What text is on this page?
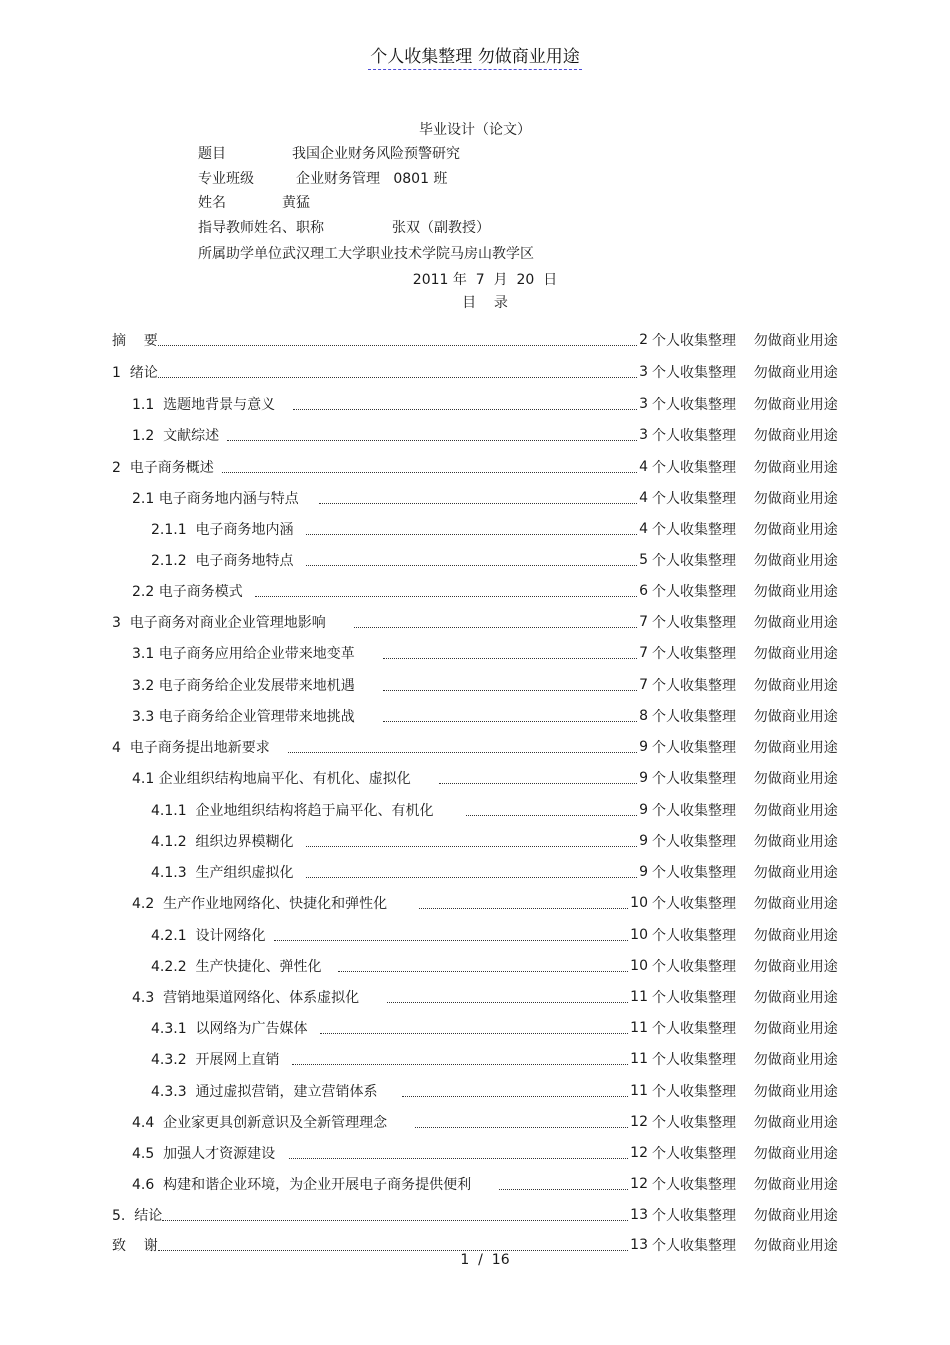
个人收集整理 勿做商业用途
毕业设计（论文）
题目	我国企业财务风险预警研究
专业班级	企业财务管理   0801 班
姓名	黄猛
指导教师姓名、职称	张双（副教授）
所属助学单位武汉理工大学职业技术学院马房山教学区
2011 年  7  月  20  日
目    录
摘    要	2 个人收集整理    勿做商业用途
1  绪论	3 个人收集整理    勿做商业用途
1.1  选题地背景与意义	3 个人收集整理    勿做商业用途
1.2  文献综述	3 个人收集整理    勿做商业用途
2  电子商务概述	4 个人收集整理    勿做商业用途
2.1 电子商务地内涵与特点	4 个人收集整理    勿做商业用途
2.1.1  电子商务地内涵	4 个人收集整理    勿做商业用途
2.1.2  电子商务地特点	5 个人收集整理    勿做商业用途
2.2 电子商务模式	6 个人收集整理    勿做商业用途
3  电子商务对商业企业管理地影响	7 个人收集整理    勿做商业用途
3.1 电子商务应用给企业带来地变革	7 个人收集整理    勿做商业用途
3.2 电子商务给企业发展带来地机遇	7 个人收集整理    勿做商业用途
3.3 电子商务给企业管理带来地挑战	8 个人收集整理    勿做商业用途
4  电子商务提出地新要求	9 个人收集整理    勿做商业用途
4.1 企业组织结构地扁平化、有机化、虚拟化	9 个人收集整理    勿做商业用途
4.1.1  企业地组织结构将趋于扁平化、有机化	9 个人收集整理    勿做商业用途
4.1.2  组织边界模糊化	9 个人收集整理    勿做商业用途
4.1.3  生产组织虚拟化	9 个人收集整理    勿做商业用途
4.2  生产作业地网络化、快捷化和弹性化	10 个人收集整理    勿做商业用途
4.2.1  设计网络化	10 个人收集整理    勿做商业用途
4.2.2  生产快捷化、弹性化	10 个人收集整理    勿做商业用途
4.3  营销地渠道网络化、体系虚拟化	11 个人收集整理    勿做商业用途
4.3.1  以网络为广告媒体	11 个人收集整理    勿做商业用途
4.3.2  开展网上直销	11 个人收集整理    勿做商业用途
4.3.3  通过虚拟营销，建立营销体系	11 个人收集整理    勿做商业用途
4.4  企业家更具创新意识及全新管理理念	12 个人收集整理    勿做商业用途
4.5  加强人才资源建设	12 个人收集整理    勿做商业用途
4.6  构建和谐企业环境，为企业开展电子商务提供便利	12 个人收集整理    勿做商业用途
5.  结论	13 个人收集整理    勿做商业用途
致    谢	13 个人收集整理    勿做商业用途
1  /  16
